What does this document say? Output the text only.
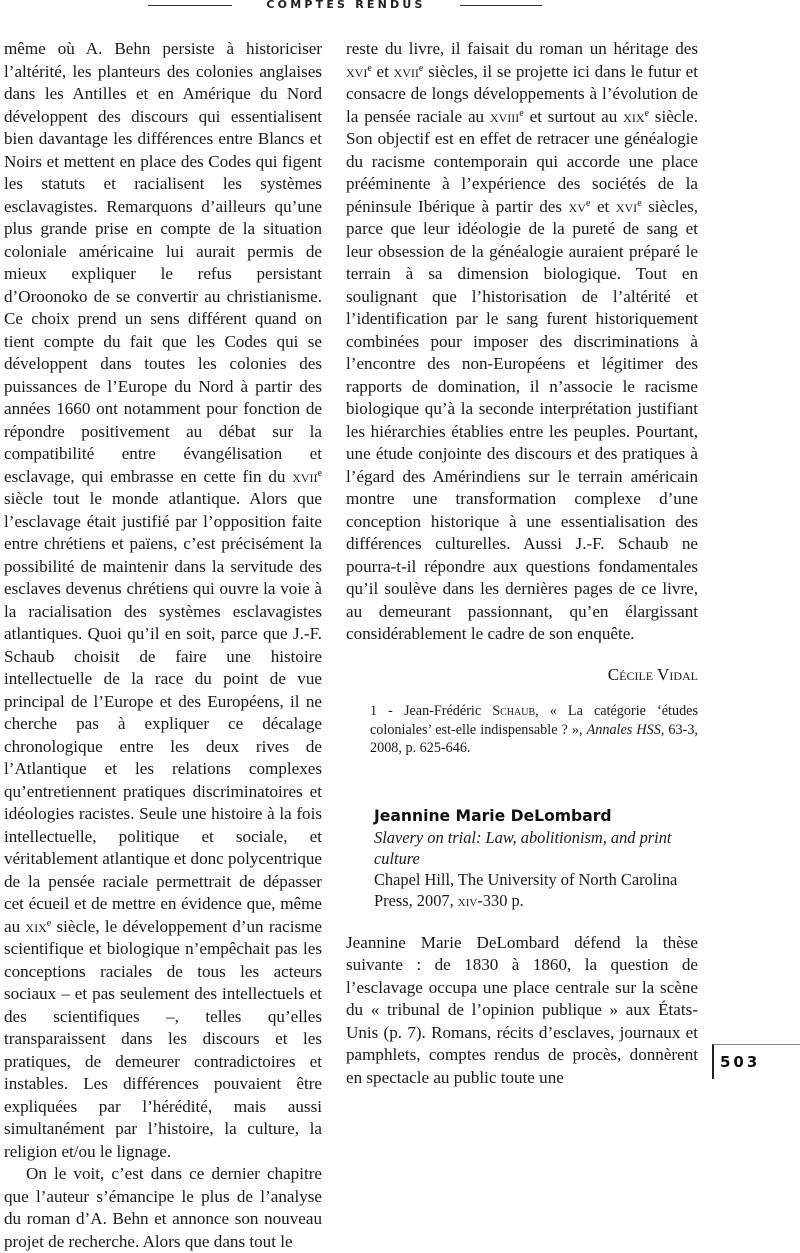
COMPTES RENDUS

même où A. Behn persiste à historiciser l’altérité, les planteurs des colonies anglaises dans les Antilles et en Amérique du Nord développent des discours qui essentialisent bien davantage les différences entre Blancs et Noirs et mettent en place des Codes qui figent les statuts et racialisent les systèmes esclavagistes. Remarquons d’ailleurs qu’une plus grande prise en compte de la situation coloniale américaine lui aurait permis de mieux expliquer le refus persistant d’Oroonoko de se convertir au christianisme. Ce choix prend un sens différent quand on tient compte du fait que les Codes qui se développent dans toutes les colonies des puissances de l’Europe du Nord à partir des années 1660 ont notamment pour fonction de répondre positivement au débat sur la compatibilité entre évangélisation et esclavage, qui embrasse en cette fin du xvii$^e$ siècle tout le monde atlantique. Alors que l’esclavage était justifié par l’opposition faite entre chrétiens et païens, c’est précisément la possibilité de maintenir dans la servitude des esclaves devenus chrétiens qui ouvre la voie à la racialisation des systèmes esclavagistes atlantiques. Quoi qu’il en soit, parce que J.-F. Schaub choisit de faire une histoire intellectuelle de la race du point de vue principal de l’Europe et des Européens, il ne cherche pas à expliquer ce décalage chronologique entre les deux rives de l’Atlantique et les relations complexes qu’entretiennent pratiques discriminatoires et idéologies racistes. Seule une histoire à la fois intellectuelle, politique et sociale, et véritablement atlantique et donc polycentrique de la pensée raciale permettrait de dépasser cet écueil et de mettre en évidence que, même au xix$^e$ siècle, le développement d’un racisme scientifique et biologique n’empêchait pas les conceptions raciales de tous les acteurs sociaux – et pas seulement des intellectuels et des scientifiques –, telles qu’elles transparaissent dans les discours et les pratiques, de demeurer contradictoires et instables. Les différences pouvaient être expliquées par l’hérédité, mais aussi simultanément par l’histoire, la culture, la religion et/ou le lignage.

On le voit, c’est dans ce dernier chapitre que l’auteur s’émancipe le plus de l’analyse du roman d’A. Behn et annonce son nouveau projet de recherche. Alors que dans tout le

reste du livre, il faisait du roman un héritage des xvi$^e$ et xvii$^e$ siècles, il se projette ici dans le futur et consacre de longs développements à l’évolution de la pensée raciale au xviii$^e$ et surtout au xix$^e$ siècle. Son objectif est en effet de retracer une généalogie du racisme contemporain qui accorde une place prééminente à l’expérience des sociétés de la péninsule Ibérique à partir des $xv^e$ et xvi$^e$ siècles, parce que leur idéologie de la pureté de sang et leur obsession de la généalogie auraient préparé le terrain à sa dimension biologique. Tout en soulignant que l’historisation de l’altérité et l’identification par le sang furent historiquement combinées pour imposer des discriminations à l’encontre des non-Européens et légitimer des rapports de domination, il n’associe le racisme biologique qu’à la seconde interprétation justifiant les hiérarchies établies entre les peuples. Pourtant, une étude conjointe des discours et des pratiques à l’égard des Amérindiens sur le terrain américain montre une transformation complexe d’une conception historique à une essentialisation des différences culturelles. Aussi J.-F. Schaub ne pourra-t-il répondre aux questions fondamentales qu’il soulève dans les dernières pages de ce livre, au demeurant passionnant, qu’en élargissant considérablement le cadre de son enquête.

Cécile Vidal

1 - Jean-Frédéric Schaub, « La catégorie ‘études coloniales’ est-elle indispensable ? », Annales HSS, 63-3, 2008, p. 625-646.

Jeannine Marie DeLombard

Slavery on trial: Law, abolitionism, and print culture

Chapel Hill, The University of North Carolina Press, 2007, xiv-330 p.

Jeannine Marie DeLombard défend la thèse suivante : de 1830 à 1860, la question de l’esclavage occupa une place centrale sur la scène du « tribunal de l’opinion publique » aux États-Unis (p. 7). Romans, récits d’esclaves, journaux et pamphlets, comptes rendus de procès, donnèrent en spectacle au public toute une

503
